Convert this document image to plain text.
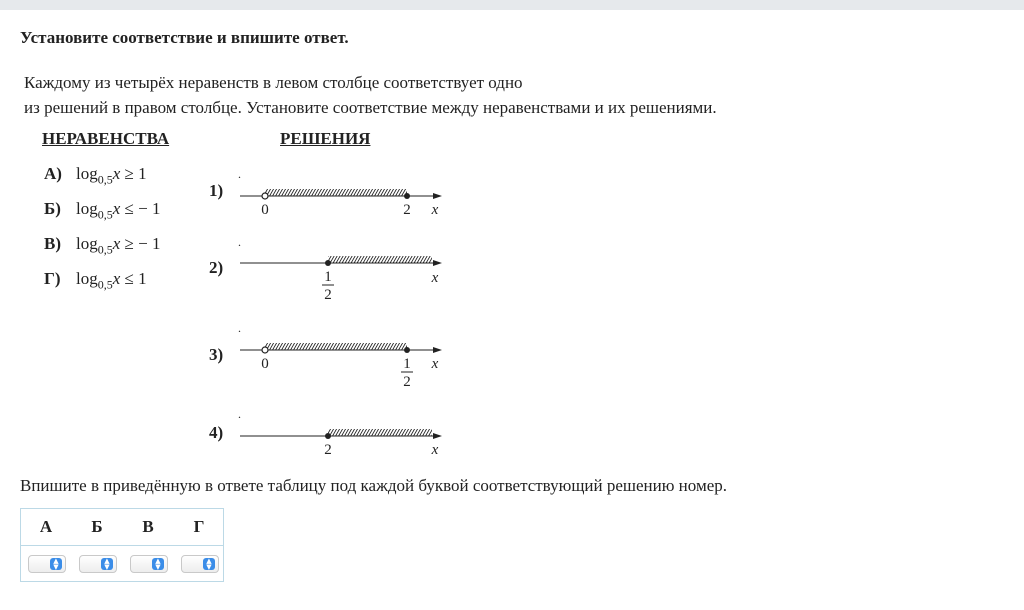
Установите соответствие и впишите ответ.
Каждому из четырёх неравенств в левом столбце соответствует одно
из решений в правом столбце. Установите соответствие между неравенствами и их решениями.
НЕРАВЕНСТВА	РЕШЕНИЯ
А) $\log_{0,5}x \ge 1$
Б) $\log_{0,5}x$ ≤ − 1
В) $\log_{0,5}x$ ≥ − 1
Г) $\log_{0,5}x \le 1$
1)
.
0	2 x
2)
.
1
2
x
3)
.
0	1
2
x
4)
.
2	x
Впишите в приведённую в ответе таблицу под каждой буквой соответствующий решению номер.
А	Б	В	Г
▲
▼
▲
▼
▲
▼
▲
▼
